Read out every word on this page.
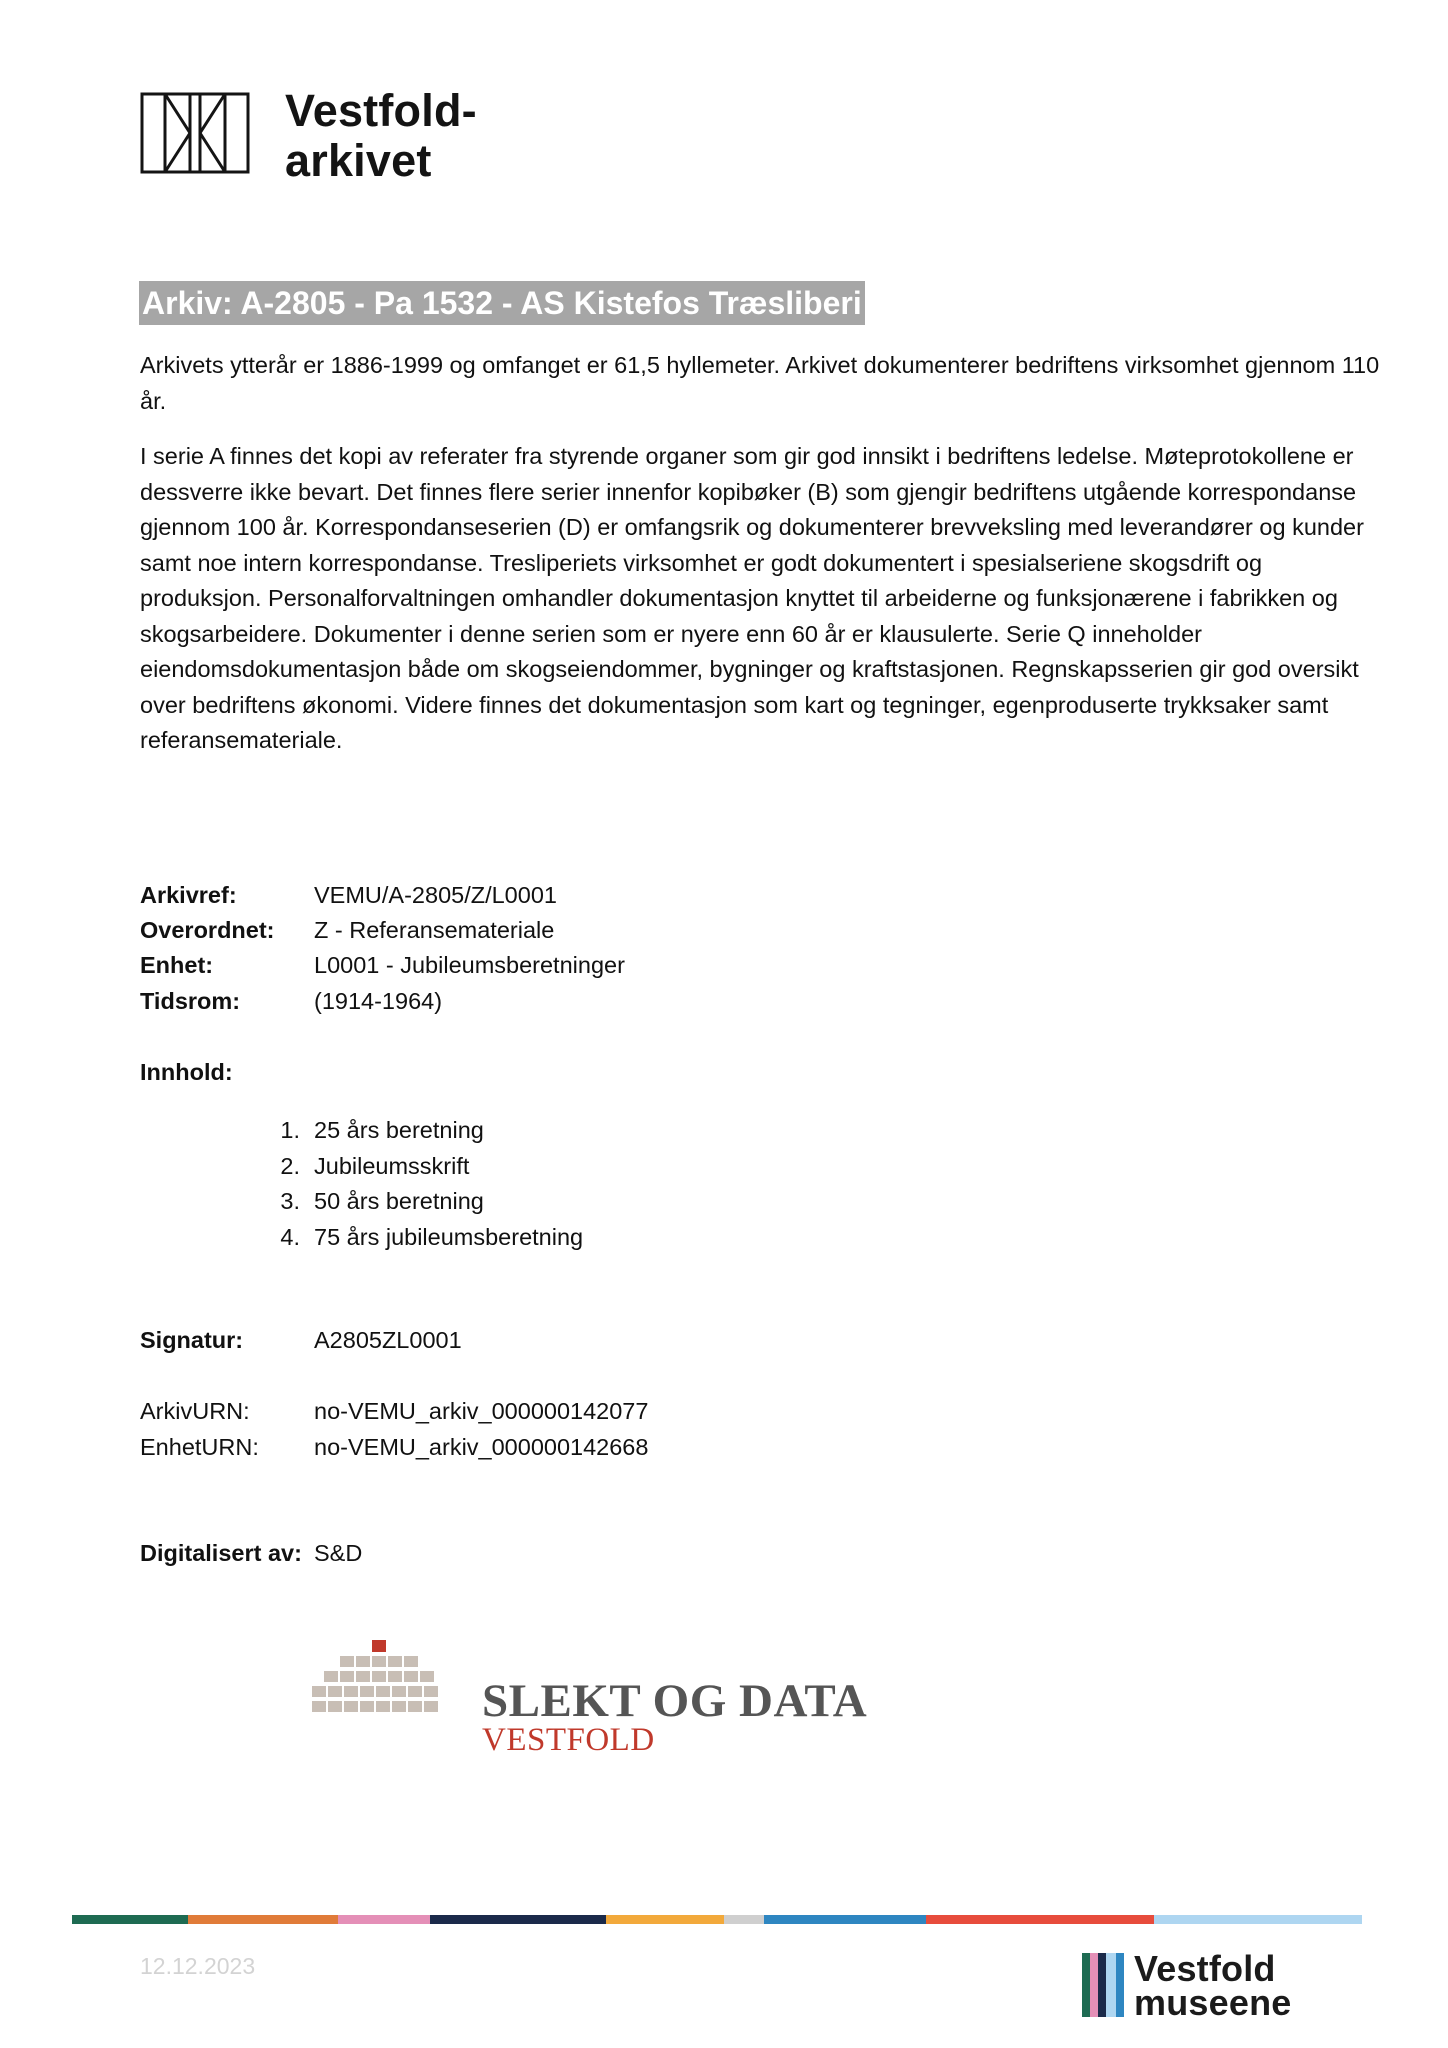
Vestfold-
arkivet
Arkiv: A-2805 - Pa 1532 - AS Kistefos Træsliberi
Arkivets ytterår er 1886-1999 og omfanget er 61,5 hyllemeter. Arkivet dokumenterer bedriftens virksomhet gjennom 110 år.
I serie A finnes det kopi av referater fra styrende organer som gir god innsikt i bedriftens ledelse. Møteprotokollene er dessverre ikke bevart. Det finnes flere serier innenfor kopibøker (B) som gjengir bedriftens utgående korrespondanse gjennom 100 år. Korrespondanseserien (D) er omfangsrik og dokumenterer brevveksling med leverandører og kunder samt noe intern korrespondanse. Tresliperiets virksomhet er godt dokumentert i spesialseriene skogsdrift og produksjon. Personalforvaltningen omhandler dokumentasjon knyttet til arbeiderne og funksjonærene i fabrikken og skogsarbeidere. Dokumenter i denne serien som er nyere enn 60 år er klausulerte. Serie Q inneholder eiendomsdokumentasjon både om skogseiendommer, bygninger og kraftstasjonen. Regnskapsserien gir god oversikt over bedriftens økonomi. Videre finnes det dokumentasjon som kart og tegninger, egenproduserte trykksaker samt referansemateriale.
Arkivref:	VEMU/A-2805/Z/L0001
Overordnet: Z - Referansemateriale
Enhet:	L0001 - Jubileumsberetninger
Tidsrom:	(1914-1964)
Innhold:
1. 25 års beretning
2. Jubileumsskrift
3. 50 års beretning
4. 75 års jubileumsberetning
Signatur:	A2805ZL0001
ArkivURN:	no-VEMU_arkiv_000000142077
EnhetURN: no-VEMU_arkiv_000000142668
Digitalisert av: S&D
SLEKT OG DATA
VESTFOLD
12.12.2023	Vestfold
museene
